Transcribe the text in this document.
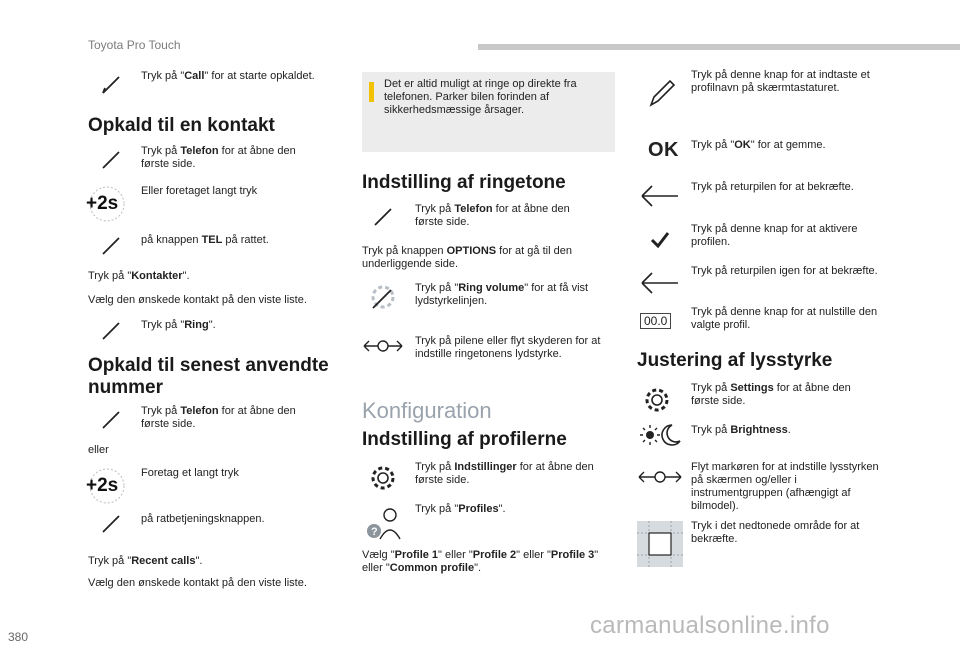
Toyota Pro Touch
380	carmanualsonline.info
Tryk på "Call" for at starte opkaldet.
Opkald til en kontakt
Tryk på Telefon for at åbne den første side.
+2s
Eller foretaget langt tryk
på knappen TEL på rattet.
Tryk på "Kontakter".
Vælg den ønskede kontakt på den viste liste.
Tryk på "Ring".
Opkald til senest anvendte nummer
Tryk på Telefon for at åbne den første side.
eller
+2s
Foretag et langt tryk
på ratbetjeningsknappen.
Tryk på "Recent calls".
Vælg den ønskede kontakt på den viste liste.
Det er altid muligt at ringe op direkte fra telefonen. Parker bilen forinden af sikkerhedsmæssige årsager.
Indstilling af ringetone
Tryk på Telefon for at åbne den første side.
Tryk på knappen OPTIONS for at gå til den underliggende side.
Tryk på "Ring volume" for at få vist lydstyrkelinjen.
Tryk på pilene eller flyt skyderen for at indstille ringetonens lydstyrke.
Konfiguration
Indstilling af profilerne
Tryk på Indstillinger for at åbne den første side.
?
Tryk på "Profiles".
Vælg "Profile 1" eller "Profile 2" eller "Profile 3" eller "Common profile".
Tryk på denne knap for at indtaste et profilnavn på skærmtastaturet.
OK Tryk på "OK" for at gemme.
Tryk på returpilen for at bekræfte.
Tryk på denne knap for at aktivere profilen.
Tryk på returpilen igen for at bekræfte.
00.0
Tryk på denne knap for at nulstille den valgte profil.
Justering af lysstyrke
Tryk på Settings for at åbne den første side.
Tryk på Brightness.
Flyt markøren for at indstille lysstyrken på skærmen og/eller i instrumentgruppen (afhængigt af bilmodel).
Tryk i det nedtonede område for at bekræfte.
